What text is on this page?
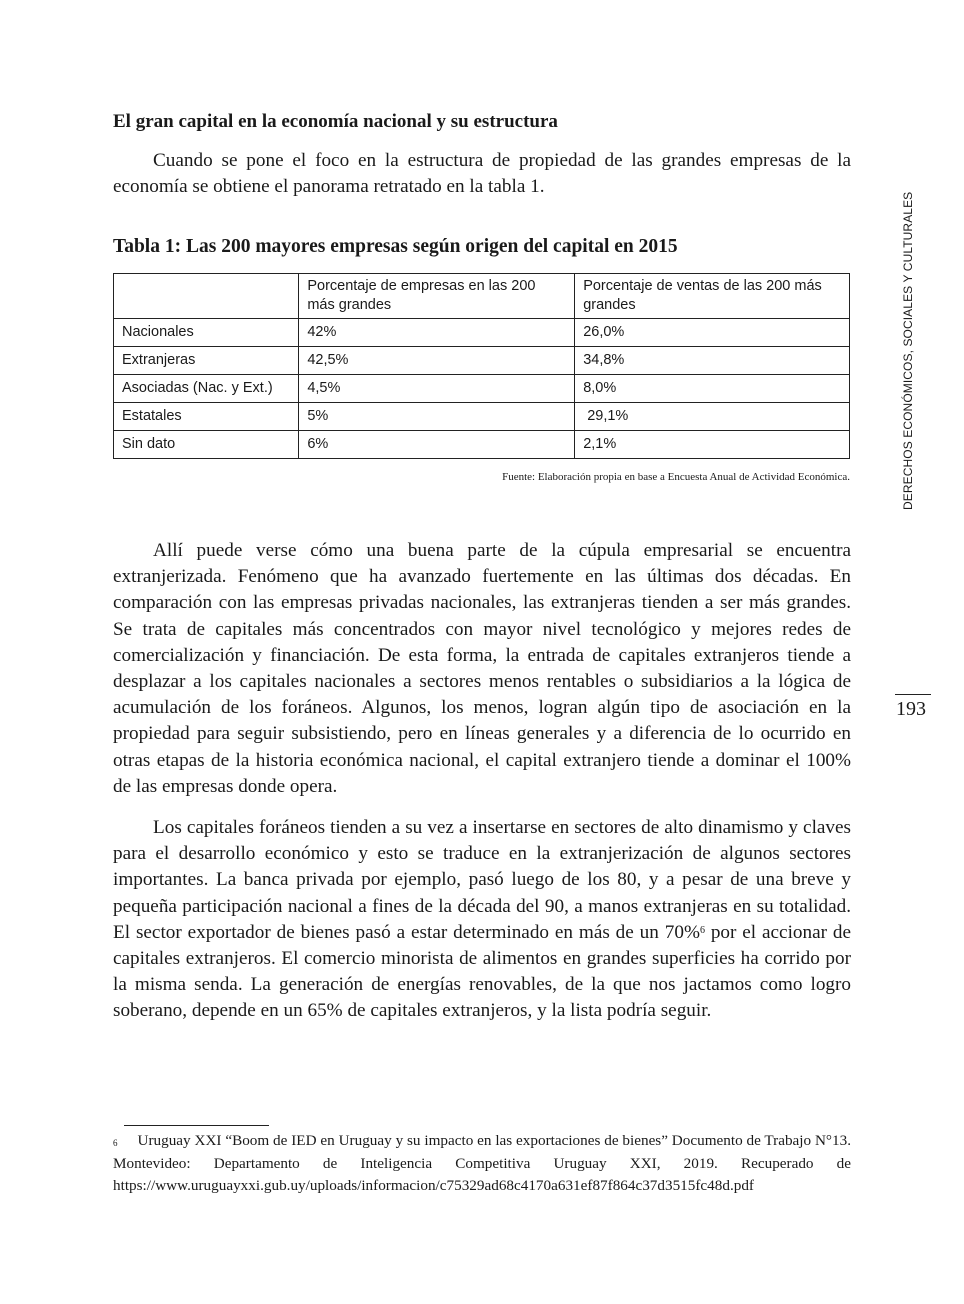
El gran capital en la economía nacional y su estructura

Cuando se pone el foco en la estructura de propiedad de las grandes empresas de la economía se obtiene el panorama retratado en la tabla 1.

Tabla 1: Las 200 mayores empresas según origen del capital en 2015
	Porcentaje de empresas en las 200 más grandes	Porcentaje de ventas de las 200 más grandes
Nacionales	42%	26,0%
Extranjeras	42,5%	34,8%
Asociadas (Nac. y Ext.)	4,5%	8,0%
Estatales	5%	29,1%
Sin dato	6%	2,1%
Fuente: Elaboración propia en base a Encuesta Anual de Actividad Económica.

Allí puede verse cómo una buena parte de la cúpula empresarial se encuentra extranjerizada. Fenómeno que ha avanzado fuertemente en las últimas dos décadas. En comparación con las empresas privadas nacionales, las extranjeras tienden a ser más grandes. Se trata de capitales más concentrados con mayor nivel tecnológico y mejores redes de comercialización y financiación. De esta forma, la entrada de capitales extranjeros tiende a desplazar a los capitales nacionales a sectores menos rentables o subsidiarios a la lógica de acumulación de los foráneos. Algunos, los menos, logran algún tipo de asociación en la propiedad para seguir subsistiendo, pero en líneas generales y a diferencia de lo ocurrido en otras etapas de la historia económica nacional, el capital extranjero tiende a dominar el 100% de las empresas donde opera.

Los capitales foráneos tienden a su vez a insertarse en sectores de alto dinamismo y claves para el desarrollo económico y esto se traduce en la extranjerización de algunos sectores importantes. La banca privada por ejemplo, pasó luego de los 80, y a pesar de una breve y pequeña participación nacional a fines de la década del 90, a manos extranjeras en su totalidad. El sector exportador de bienes pasó a estar determinado en más de un 70%$^6$ por el accionar de capitales extranjeros. El comercio minorista de alimentos en grandes superficies ha corrido por la misma senda. La generación de energías renovables, de la que nos jactamos como logro soberano, depende en un 65% de capitales extranjeros, y la lista podría seguir.

$^6$ Uruguay XXI “Boom de IED en Uruguay y su impacto en las exportaciones de bienes” Documento de Trabajo N°13. Montevideo: Departamento de Inteligencia Competitiva Uruguay XXI, 2019. Recuperado de https://www.uruguayxxi.gub.uy/uploads/informacion/c75329ad68c4170a631ef87f864c37d3515fc48d.pdf

DERECHOS ECONÓMICOS, SOCIALES Y CULTURALES
193
